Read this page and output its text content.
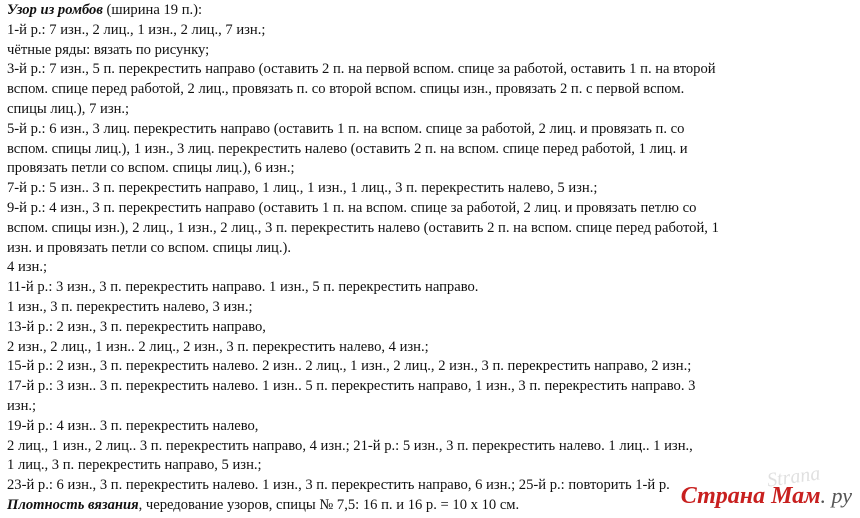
Узор из ромбов (ширина 19 п.):
1-й р.: 7 изн., 2 лиц., 1 изн., 2 лиц., 7 изн.;
чётные ряды: вязать по рисунку;
3-й р.: 7 изн., 5 п. перекрестить направо (оставить 2 п. на первой вспом. спице за работой, оставить 1 п. на второй
вспом. спице перед работой, 2 лиц., провязать п. со второй вспом. спицы изн., провязать 2 п. с первой вспом.
спицы лиц.), 7 изн.;
5-й р.: 6 изн., 3 лиц. перекрестить направо (оставить 1 п. на вспом. спице за работой, 2 лиц. и провязать п. со
вспом. спицы лиц.), 1 изн., 3 лиц. перекрестить налево (оставить 2 п. на вспом. спице перед работой, 1 лиц. и
провязать петли со вспом. спицы лиц.), 6 изн.;
7-й р.: 5 изн.. 3 п. перекрестить направо, 1 лиц., 1 изн., 1 лиц., 3 п. перекрестить налево, 5 изн.;
9-й р.: 4 изн., 3 п. перекрестить направо (оставить 1 п. на вспом. спице за работой, 2 лиц. и провязать петлю со
вспом. спицы изн.), 2 лиц., 1 изн., 2 лиц., 3 п. перекрестить налево (оставить 2 п. на вспом. спице перед работой, 1
изн. и провязать петли со вспом. спицы лиц.).
4 изн.;
11-й р.: 3 изн., 3 п. перекрестить направо. 1 изн., 5 п. перекрестить направо.
1 изн., 3 п. перекрестить налево, 3 изн.;
13-й р.: 2 изн., 3 п. перекрестить направо,
2 изн., 2 лиц., 1 изн.. 2 лиц., 2 изн., 3 п. перекрестить налево, 4 изн.;
15-й р.: 2 изн., 3 п. перекрестить налево. 2 изн.. 2 лиц., 1 изн., 2 лиц., 2 изн., 3 п. перекрестить направо, 2 изн.;
17-й р.: 3 изн.. 3 п. перекрестить налево. 1 изн.. 5 п. перекрестить направо, 1 изн., 3 п. перекрестить направо. 3
изн.;
19-й р.: 4 изн.. 3 п. перекрестить налево,
2 лиц., 1 изн., 2 лиц.. 3 п. перекрестить направо, 4 изн.; 21-й р.: 5 изн., 3 п. перекрестить налево. 1 лиц.. 1 изн.,
1 лиц., 3 п. перекрестить направо, 5 изн.;
23-й р.: 6 изн., 3 п. перекрестить налево. 1 изн., 3 п. перекрестить направо, 6 изн.; 25-й р.: повторить 1-й р.
Плотность вязания, чередование узоров, спицы № 7,5: 16 п. и 16 р. = 10 х 10 см.
Strana
Страна Мам. ру
